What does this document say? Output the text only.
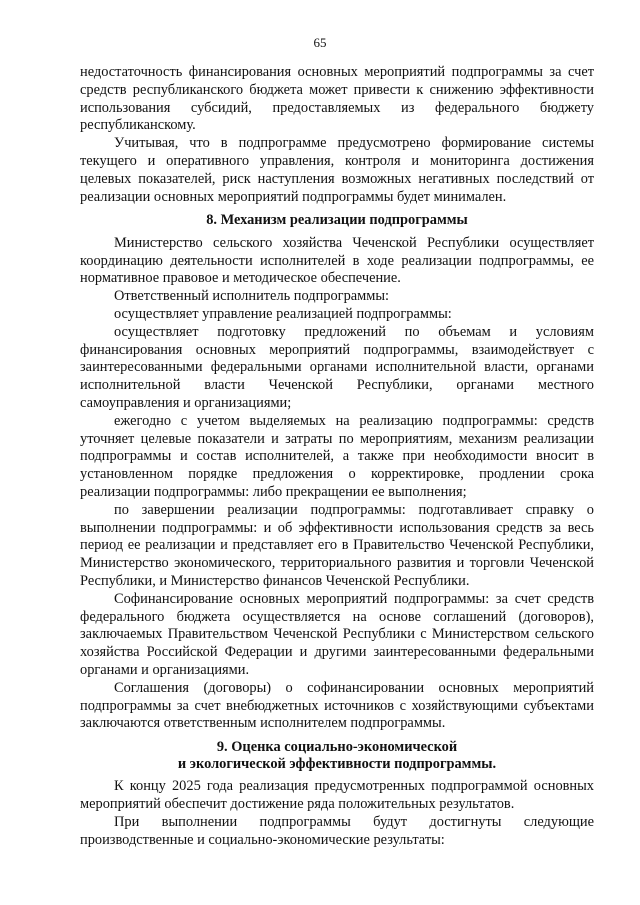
65

недостаточность финансирования основных мероприятий подпрограммы за счет средств республиканского бюджета может привести к снижению эффективности использования субсидий, предоставляемых из федерального бюджету республиканскому.

Учитывая, что в подпрограмме предусмотрено формирование системы текущего и оперативного управления, контроля и мониторинга достижения целевых показателей, риск наступления возможных негативных последствий от реализации основных мероприятий подпрограммы будет минимален.

8. Механизм реализации подпрограммы

Министерство сельского хозяйства Чеченской Республики осуществляет координацию деятельности исполнителей в ходе реализации подпрограммы, ее нормативное правовое и методическое обеспечение.

Ответственный исполнитель подпрограммы:

осуществляет управление реализацией подпрограммы:

осуществляет подготовку предложений по объемам и условиям финансирования основных мероприятий подпрограммы, взаимодействует с заинтересованными федеральными органами исполнительной власти, органами исполнительной власти Чеченской Республики, органами местного самоуправления и организациями;

ежегодно с учетом выделяемых на реализацию подпрограммы: средств уточняет целевые показатели и затраты по мероприятиям, механизм реализации подпрограммы и состав исполнителей, а также при необходимости вносит в установленном порядке предложения о корректировке, продлении срока реализации подпрограммы: либо прекращении ее выполнения;

по завершении реализации подпрограммы: подготавливает справку о выполнении подпрограммы: и об эффективности использования средств за весь период ее реализации и представляет его в Правительство Чеченской Республики, Министерство экономического, территориального развития и торговли Чеченской Республики, и Министерство финансов Чеченской Республики.

Софинансирование основных мероприятий подпрограммы: за счет средств федерального бюджета осуществляется на основе соглашений (договоров), заключаемых Правительством Чеченской Республики с Министерством сельского хозяйства Российской Федерации и другими заинтересованными федеральными органами и организациями.

Соглашения (договоры) о софинансировании основных мероприятий подпрограммы за счет внебюджетных источников с хозяйствующими субъектами заключаются ответственным исполнителем подпрограммы.

9. Оценка социально-экономической
и экологической эффективности подпрограммы.

К концу 2025 года реализация предусмотренных подпрограммой основных мероприятий обеспечит достижение ряда положительных результатов.

При выполнении подпрограммы будут достигнуты следующие производственные и социально-экономические результаты:
